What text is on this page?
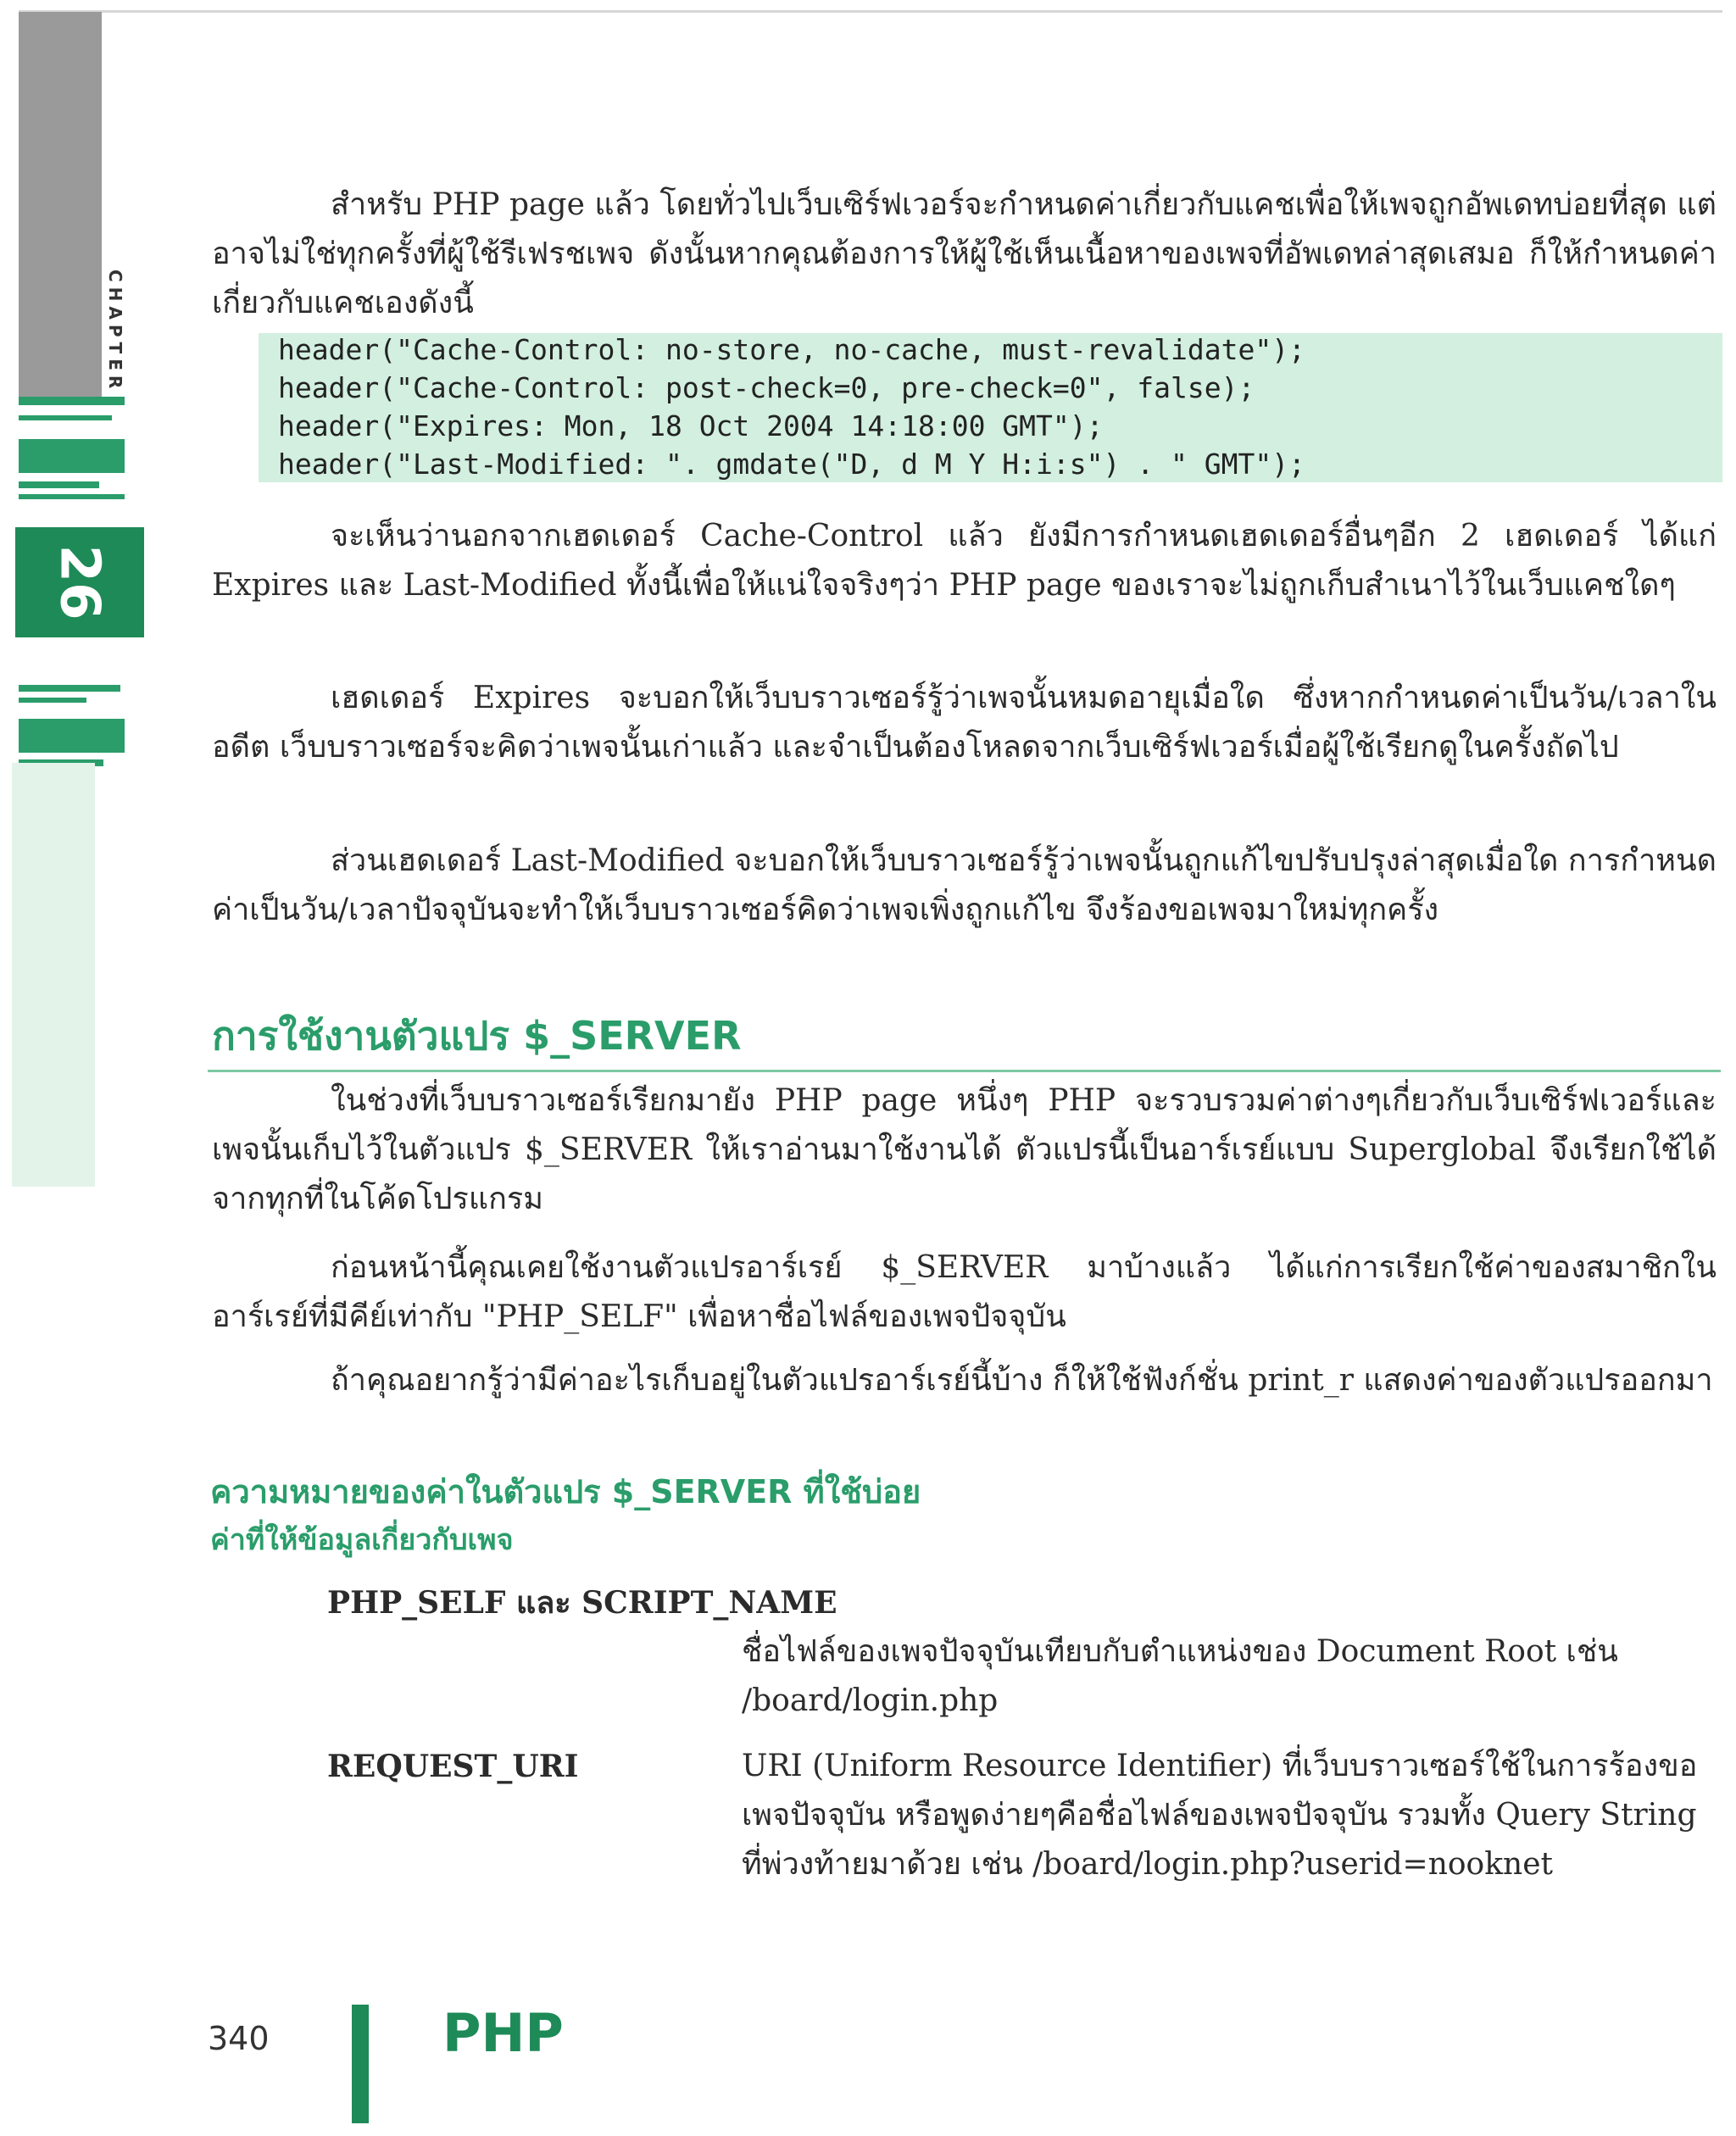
CHAPTER
26
สำหรับ PHP page แล้ว โดยทั่วไปเว็บเซิร์ฟเวอร์จะกำหนดค่าเกี่ยวกับแคชเพื่อให้เพจถูกอัพเดทบ่อยที่สุด แต่อาจไม่ใช่ทุกครั้งที่ผู้ใช้รีเฟรชเพจ ดังนั้นหากคุณต้องการให้ผู้ใช้เห็นเนื้อหาของเพจที่อัพเดทล่าสุดเสมอ ก็ให้กำหนดค่าเกี่ยวกับแคชเองดังนี้
header("Cache-Control: no-store, no-cache, must-revalidate");
header("Cache-Control: post-check=0, pre-check=0", false);
header("Expires: Mon, 18 Oct 2004 14:18:00 GMT");
header("Last-Modified: ". gmdate("D, d M Y H:i:s") . " GMT");
จะเห็นว่านอกจากเฮดเดอร์ Cache-Control แล้ว ยังมีการกำหนดเฮดเดอร์อื่นๆอีก 2 เฮดเดอร์ ได้แก่ Expires และ Last-Modified ทั้งนี้เพื่อให้แน่ใจจริงๆว่า PHP page ของเราจะไม่ถูกเก็บสำเนาไว้ในเว็บแคชใดๆ
เฮดเดอร์ Expires จะบอกให้เว็บบราวเซอร์รู้ว่าเพจนั้นหมดอายุเมื่อใด ซึ่งหากกำหนดค่าเป็นวัน/เวลาในอดีต เว็บบราวเซอร์จะคิดว่าเพจนั้นเก่าแล้ว และจำเป็นต้องโหลดจากเว็บเซิร์ฟเวอร์เมื่อผู้ใช้เรียกดูในครั้งถัดไป
ส่วนเฮดเดอร์ Last-Modified จะบอกให้เว็บบราวเซอร์รู้ว่าเพจนั้นถูกแก้ไขปรับปรุงล่าสุดเมื่อใด การกำหนดค่าเป็นวัน/เวลาปัจจุบันจะทำให้เว็บบราวเซอร์คิดว่าเพจเพิ่งถูกแก้ไข จึงร้องขอเพจมาใหม่ทุกครั้ง
การใช้งานตัวแปร $_SERVER
ในช่วงที่เว็บบราวเซอร์เรียกมายัง PHP page หนึ่งๆ PHP จะรวบรวมค่าต่างๆเกี่ยวกับเว็บเซิร์ฟเวอร์และเพจนั้นเก็บไว้ในตัวแปร $_SERVER ให้เราอ่านมาใช้งานได้ ตัวแปรนี้เป็นอาร์เรย์แบบ Superglobal จึงเรียกใช้ได้จากทุกที่ในโค้ดโปรแกรม
ก่อนหน้านี้คุณเคยใช้งานตัวแปรอาร์เรย์ $_SERVER มาบ้างแล้ว ได้แก่การเรียกใช้ค่าของสมาชิกในอาร์เรย์ที่มีคีย์เท่ากับ "PHP_SELF" เพื่อหาชื่อไฟล์ของเพจปัจจุบัน
ถ้าคุณอยากรู้ว่ามีค่าอะไรเก็บอยู่ในตัวแปรอาร์เรย์นี้บ้าง ก็ให้ใช้ฟังก์ชั่น print_r แสดงค่าของตัวแปรออกมา
ความหมายของค่าในตัวแปร $_SERVER ที่ใช้บ่อย
ค่าที่ให้ข้อมูลเกี่ยวกับเพจ
PHP_SELF และ SCRIPT_NAME
ชื่อไฟล์ของเพจปัจจุบันเทียบกับตำแหน่งของ Document Root เช่น /board/login.php
REQUEST_URI	URI (Uniform Resource Identifier) ที่เว็บบราวเซอร์ใช้ในการร้องขอเพจปัจจุบัน หรือพูดง่ายๆคือชื่อไฟล์ของเพจปัจจุบัน รวมทั้ง Query String ที่พ่วงท้ายมาด้วย เช่น /board/login.php?userid=nooknet
340	PHP
